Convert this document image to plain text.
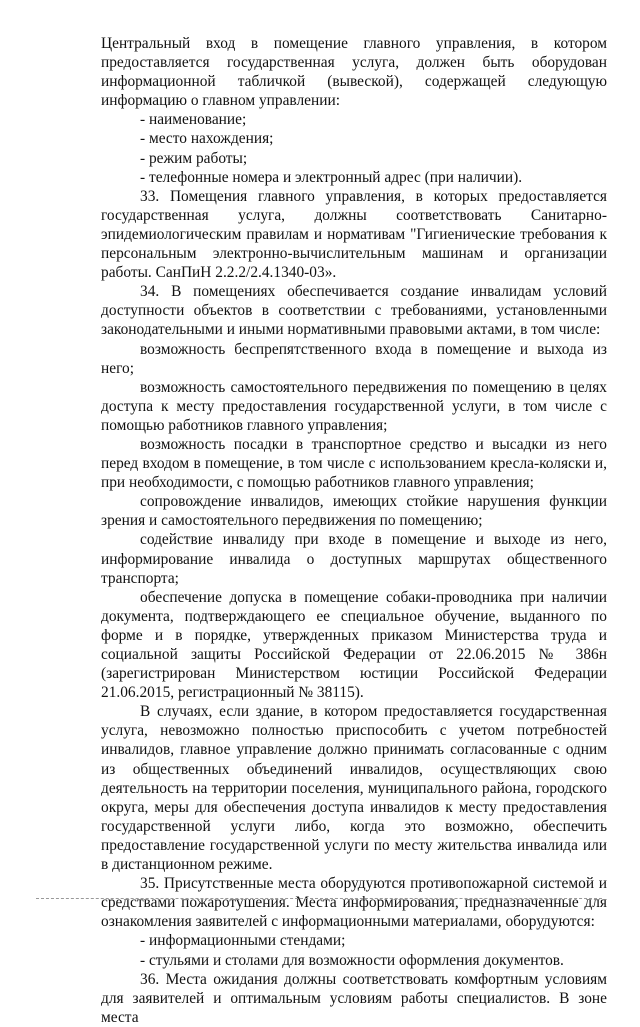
Центральный вход в помещение главного управления, в котором предоставляется государственная услуга, должен быть оборудован информационной табличкой (вывеской), содержащей следующую информацию о главном управлении:

- наименование;

- место нахождения;

- режим работы;

- телефонные номера и электронный адрес (при наличии).

33. Помещения главного управления, в которых предоставляется государственная услуга, должны соответствовать Санитарно-эпидемиологическим правилам и нормативам "Гигиенические требования к персональным электронно-вычислительным машинам и организации работы. СанПиН 2.2.2/2.4.1340-03».

34. В помещениях обеспечивается создание инвалидам условий доступности объектов в соответствии с требованиями, установленными законодательными и иными нормативными правовыми актами, в том числе:

возможность беспрепятственного входа в помещение и выхода из него;

возможность самостоятельного передвижения по помещению в целях доступа к месту предоставления государственной услуги, в том числе с помощью работников главного управления;

возможность посадки в транспортное средство и высадки из него перед входом в помещение, в том числе с использованием кресла-коляски и, при необходимости, с помощью работников главного управления;

сопровождение инвалидов, имеющих стойкие нарушения функции зрения и самостоятельного передвижения по помещению;

содействие инвалиду при входе в помещение и выходе из него, информирование инвалида о доступных маршрутах общественного транспорта;

обеспечение допуска в помещение собаки-проводника при наличии документа, подтверждающего ее специальное обучение, выданного по форме и в порядке, утвержденных приказом Министерства труда и социальной защиты Российской Федерации от 22.06.2015 № 386н (зарегистрирован Министерством юстиции Российской Федерации 21.06.2015, регистрационный № 38115).

В случаях, если здание, в котором предоставляется государственная услуга, невозможно полностью приспособить с учетом потребностей инвалидов, главное управление должно принимать согласованные с одним из общественных объединений инвалидов, осуществляющих свою деятельность на территории поселения, муниципального района, городского округа, меры для обеспечения доступа инвалидов к месту предоставления государственной услуги либо, когда это возможно, обеспечить предоставление государственной услуги по месту жительства инвалида или в дистанционном режиме.

35. Присутственные места оборудуются противопожарной системой и средствами пожаротушения. Места информирования, предназначенные для ознакомления заявителей с информационными материалами, оборудуются:

- информационными стендами;

- стульями и столами для возможности оформления документов.

36. Места ожидания должны соответствовать комфортным условиям для заявителей и оптимальным условиям работы специалистов. В зоне места
